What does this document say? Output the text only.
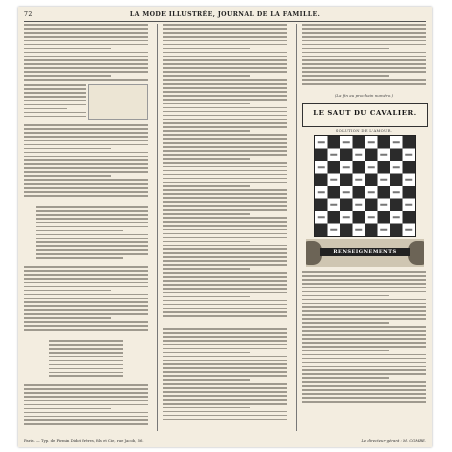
72	LA MODE ILLUSTRÉE, JOURNAL DE LA FAMILLE.
(La fin au prochain numéro.)
LE SAUT DU CAVALIER.
SOLUTION DE L'AMOUR.
RENSEIGNEMENTS
Paris. — Typ. de Firmin Didot frères, fils et Cie, rue Jacob, 56.	Le directeur-gérant : M. COMBE.
